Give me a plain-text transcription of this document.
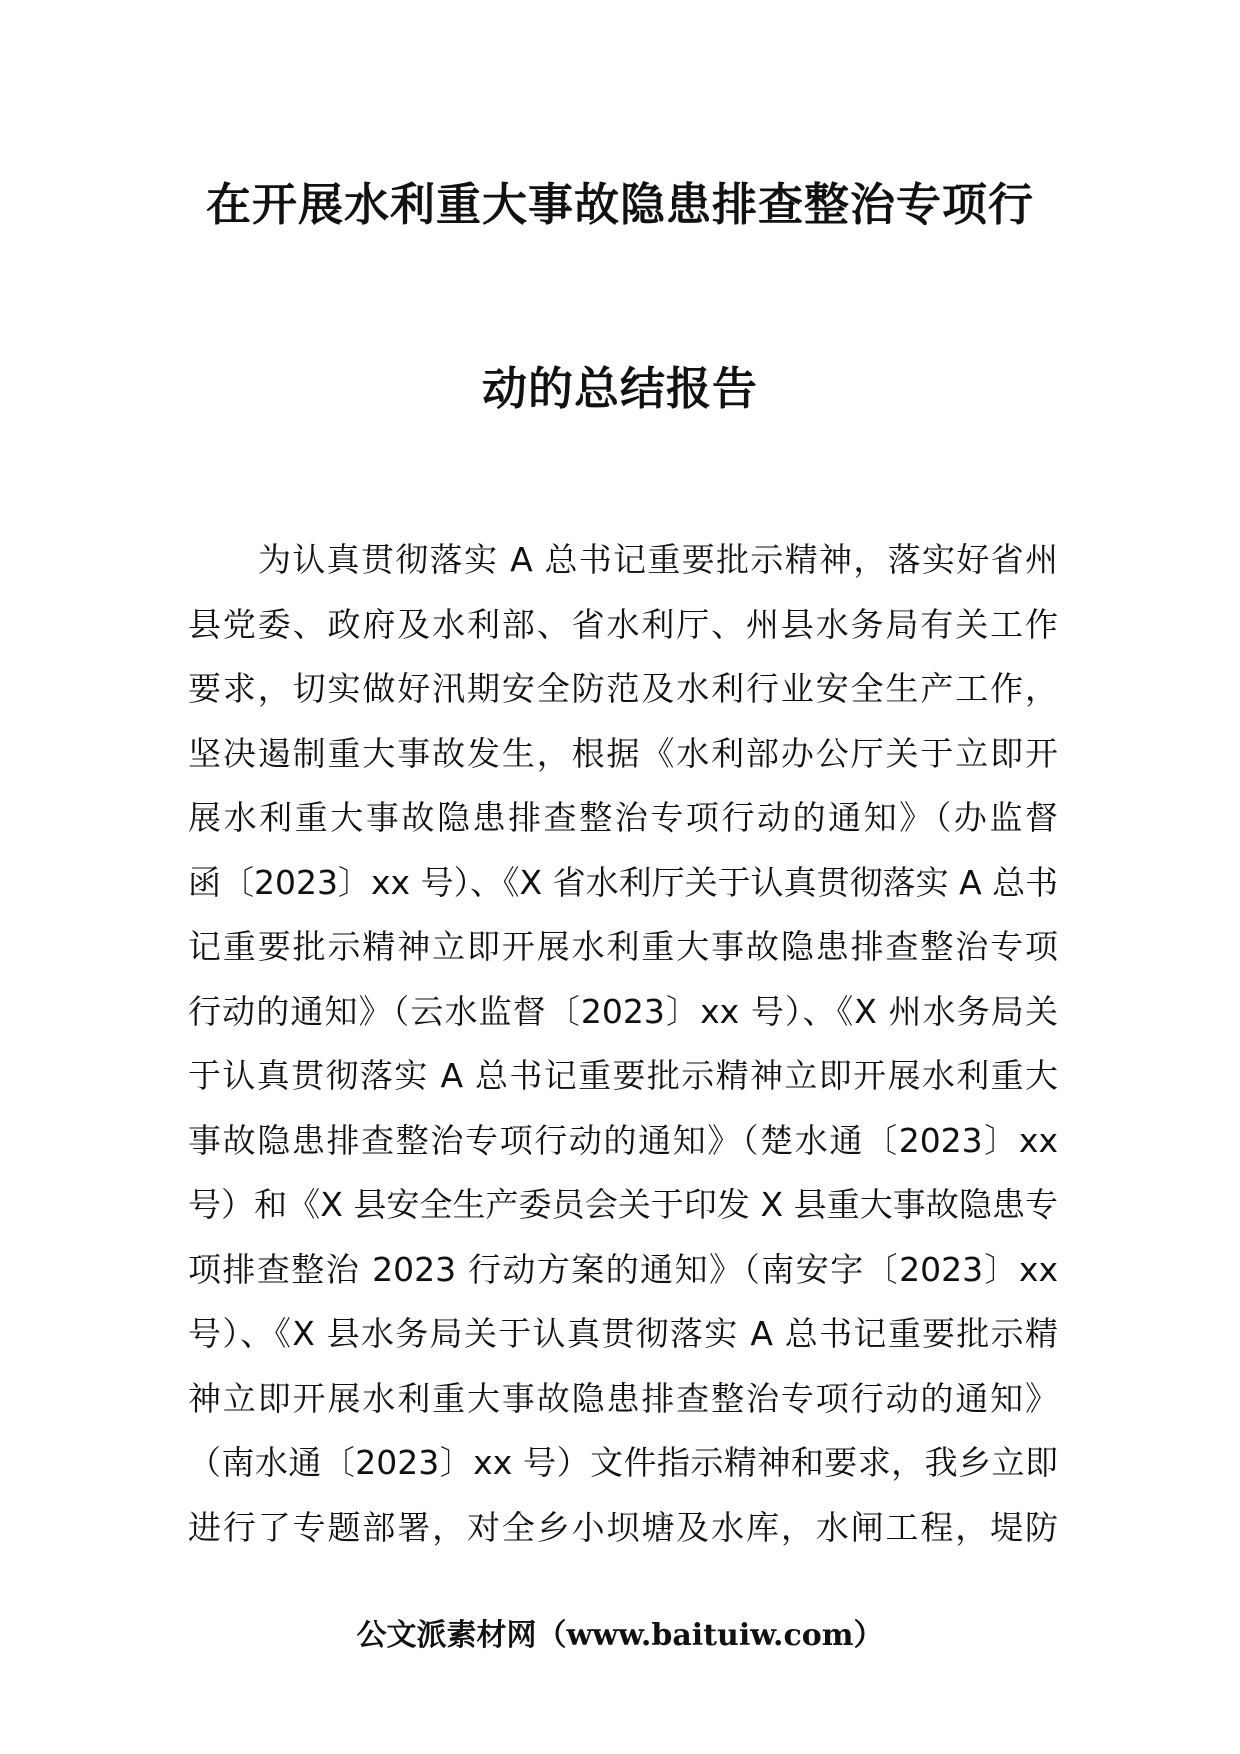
在开展水利重大事故隐患排查整治专项行
动的总结报告
为认真贯彻落实 A 总书记重要批示精神，落实好省州
县党委、政府及水利部、省水利厅、州县水务局有关工作
要求，切实做好汛期安全防范及水利行业安全生产工作，
坚决遏制重大事故发生，根据《水利部办公厅关于立即开
展水利重大事故隐患排查整治专项行动的通知》（办监督
函〔2023〕xx 号）、《X 省水利厅关于认真贯彻落实 A 总书
记重要批示精神立即开展水利重大事故隐患排查整治专项
行动的通知》（云水监督〔2023〕xx 号）、《X 州水务局关
于认真贯彻落实 A 总书记重要批示精神立即开展水利重大
事故隐患排查整治专项行动的通知》（楚水通〔2023〕xx
号）和《X 县安全生产委员会关于印发 X 县重大事故隐患专
项排查整治 2023 行动方案的通知》（南安字〔2023〕xx
号）、《X 县水务局关于认真贯彻落实 A 总书记重要批示精
神立即开展水利重大事故隐患排查整治专项行动的通知》
（南水通〔2023〕xx 号）文件指示精神和要求，我乡立即
进行了专题部署，对全乡小坝塘及水库，水闸工程，堤防
公文派素材网（www.baituiw.com）
